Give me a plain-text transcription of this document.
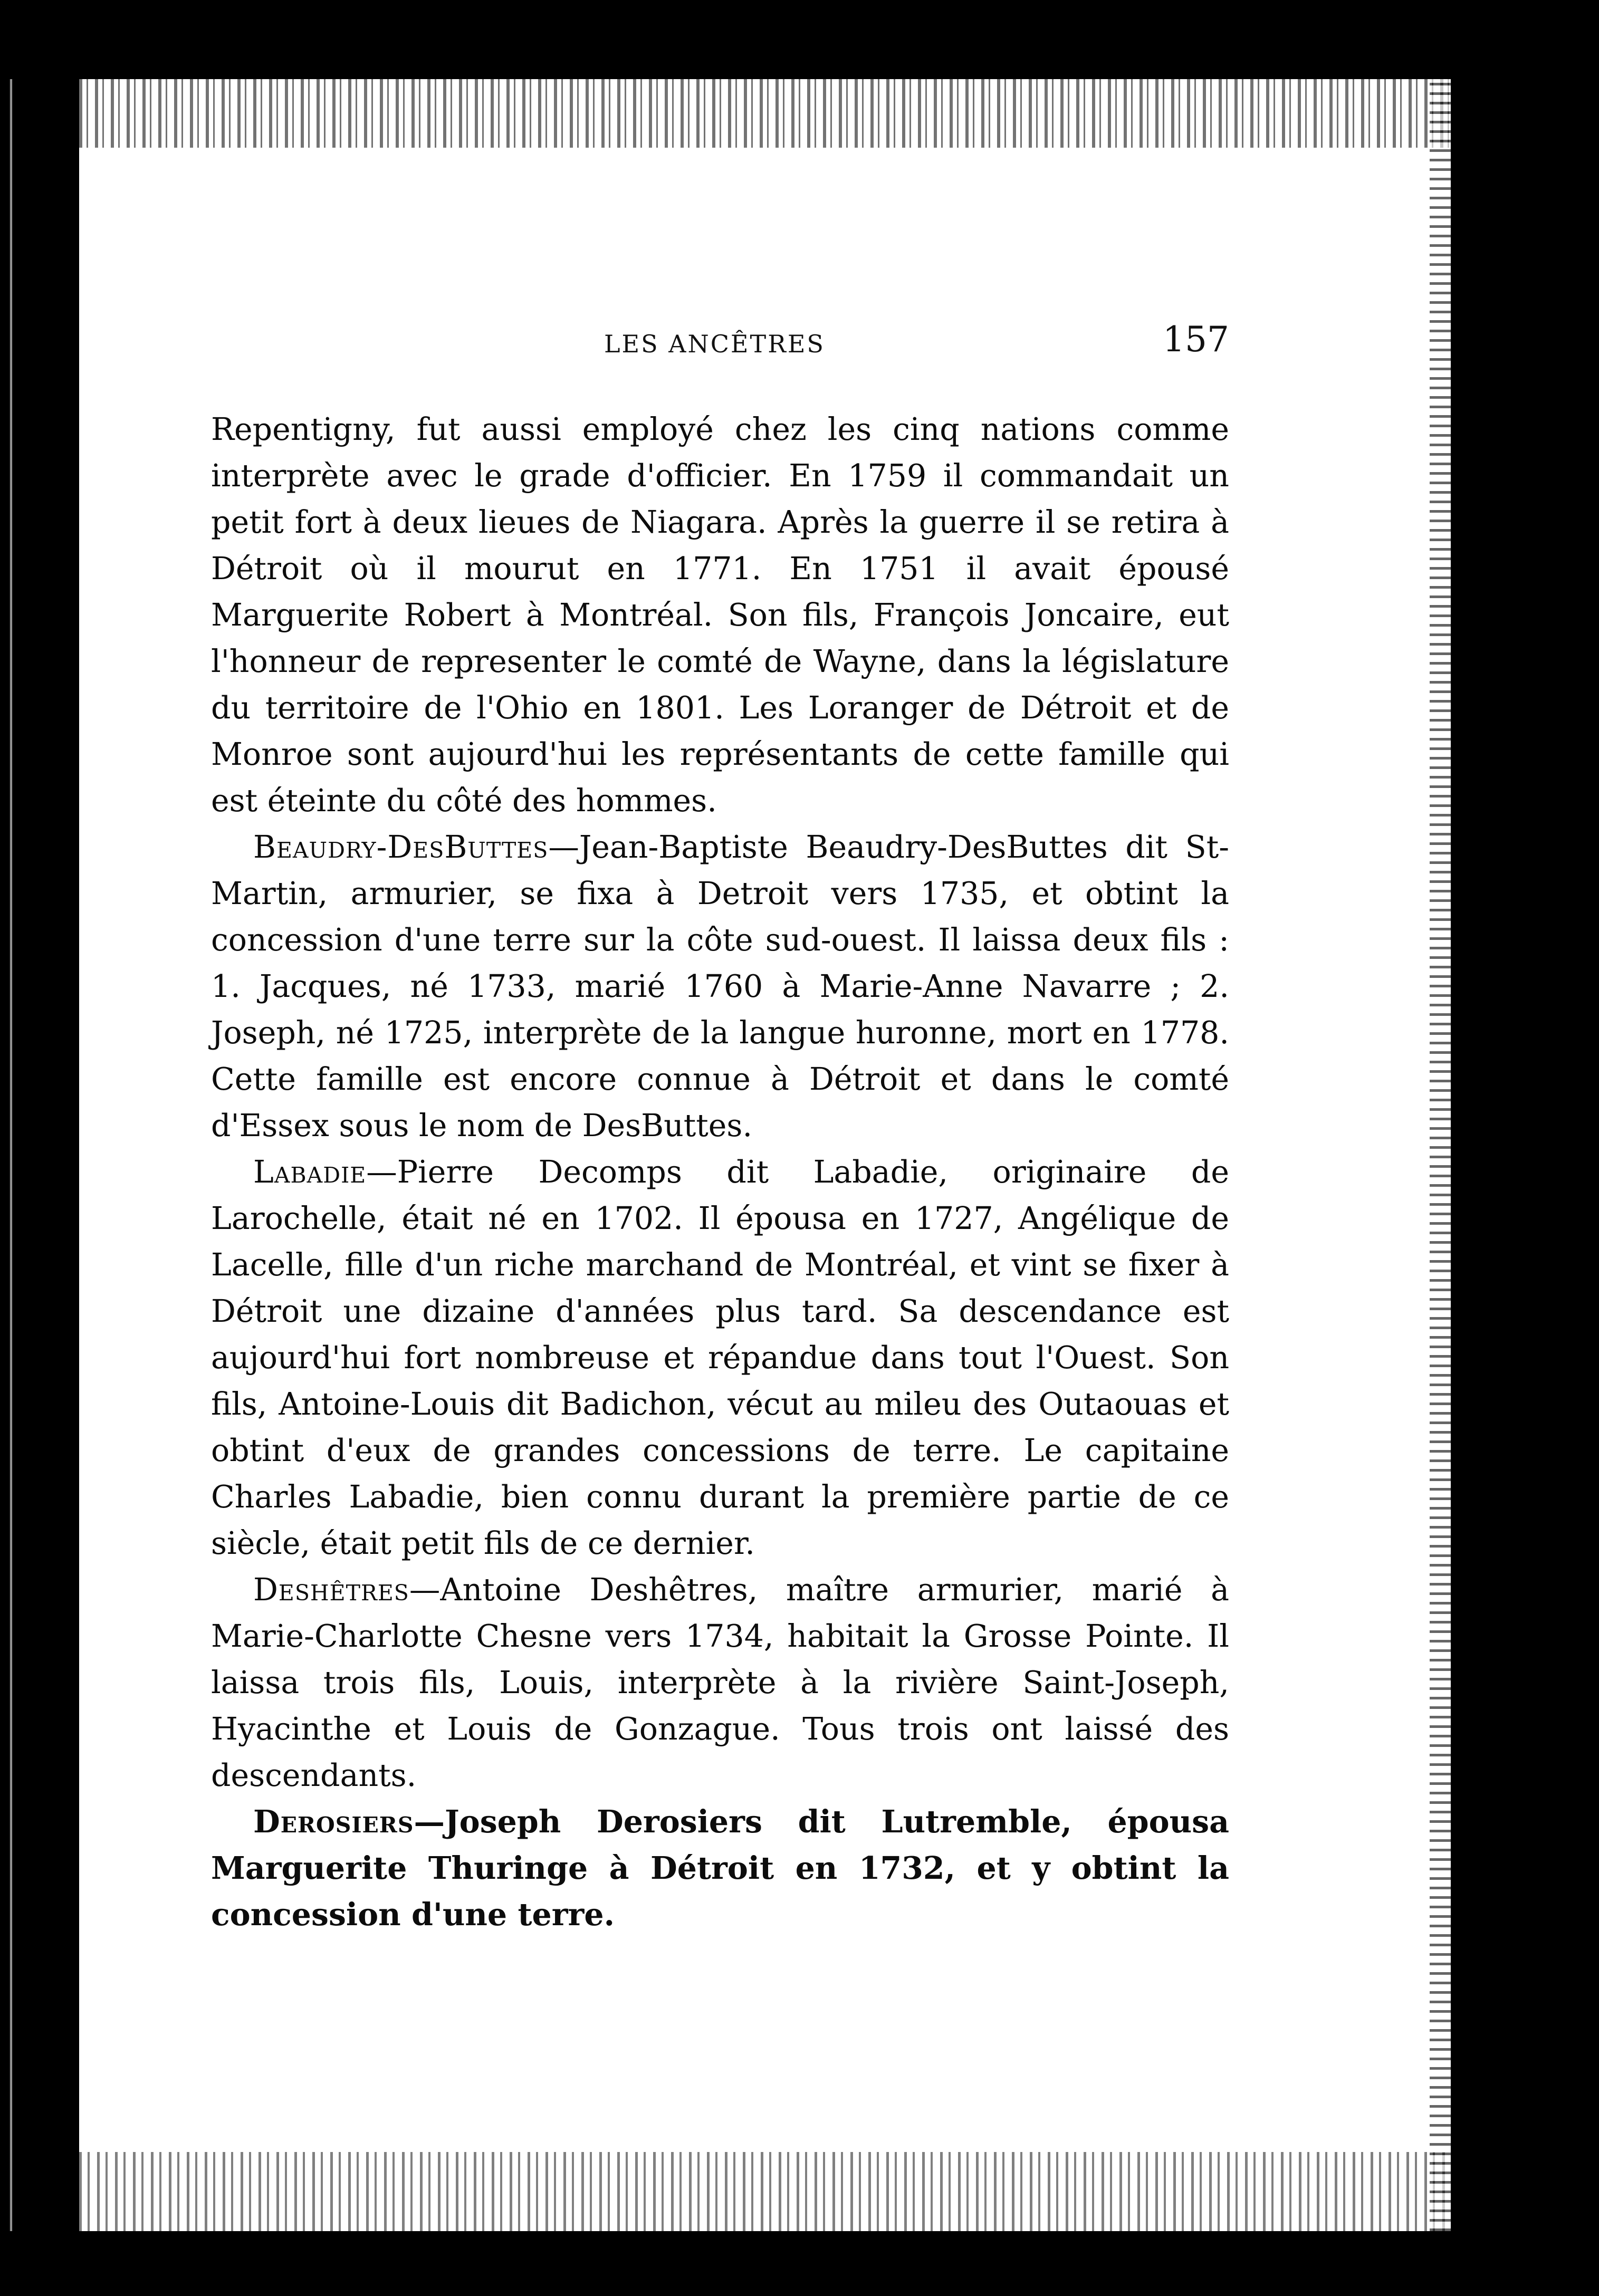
LES ANCÊTRES	157

Repentigny, fut aussi employé chez les cinq nations comme interprète avec le grade d'officier. En 1759 il commandait un petit fort à deux lieues de Niagara. Après la guerre il se retira à Détroit où il mourut en 1771. En 1751 il avait épousé Marguerite Robert à Montréal. Son fils, François Joncaire, eut l'honneur de representer le comté de Wayne, dans la législature du territoire de l'Ohio en 1801. Les Loranger de Détroit et de Monroe sont aujourd'hui les représentants de cette famille qui est éteinte du côté des hommes.

Beaudry-DesButtes—Jean-Baptiste Beaudry-DesButtes dit St-Martin, armurier, se fixa à Detroit vers 1735, et obtint la concession d'une terre sur la côte sud-ouest. Il laissa deux fils : 1. Jacques, né 1733, marié 1760 à Marie-Anne Navarre ; 2. Joseph, né 1725, interprète de la langue huronne, mort en 1778. Cette famille est encore connue à Détroit et dans le comté d'Essex sous le nom de DesButtes.

Labadie—Pierre Decomps dit Labadie, originaire de Larochelle, était né en 1702. Il épousa en 1727, Angélique de Lacelle, fille d'un riche marchand de Montréal, et vint se fixer à Détroit une dizaine d'années plus tard. Sa descendance est aujourd'hui fort nombreuse et répandue dans tout l'Ouest. Son fils, Antoine-Louis dit Badichon, vécut au mileu des Outaouas et obtint d'eux de grandes concessions de terre. Le capitaine Charles Labadie, bien connu durant la première partie de ce siècle, était petit fils de ce dernier.

Deshêtres—Antoine Deshêtres, maître armurier, marié à Marie-Charlotte Chesne vers 1734, habitait la Grosse Pointe. Il laissa trois fils, Louis, interprète à la rivière Saint-Joseph, Hyacinthe et Louis de Gonzague. Tous trois ont laissé des descendants.

Derosiers—Joseph Derosiers dit Lutremble, épousa Marguerite Thuringe à Détroit en 1732, et y obtint la concession d'une terre.
